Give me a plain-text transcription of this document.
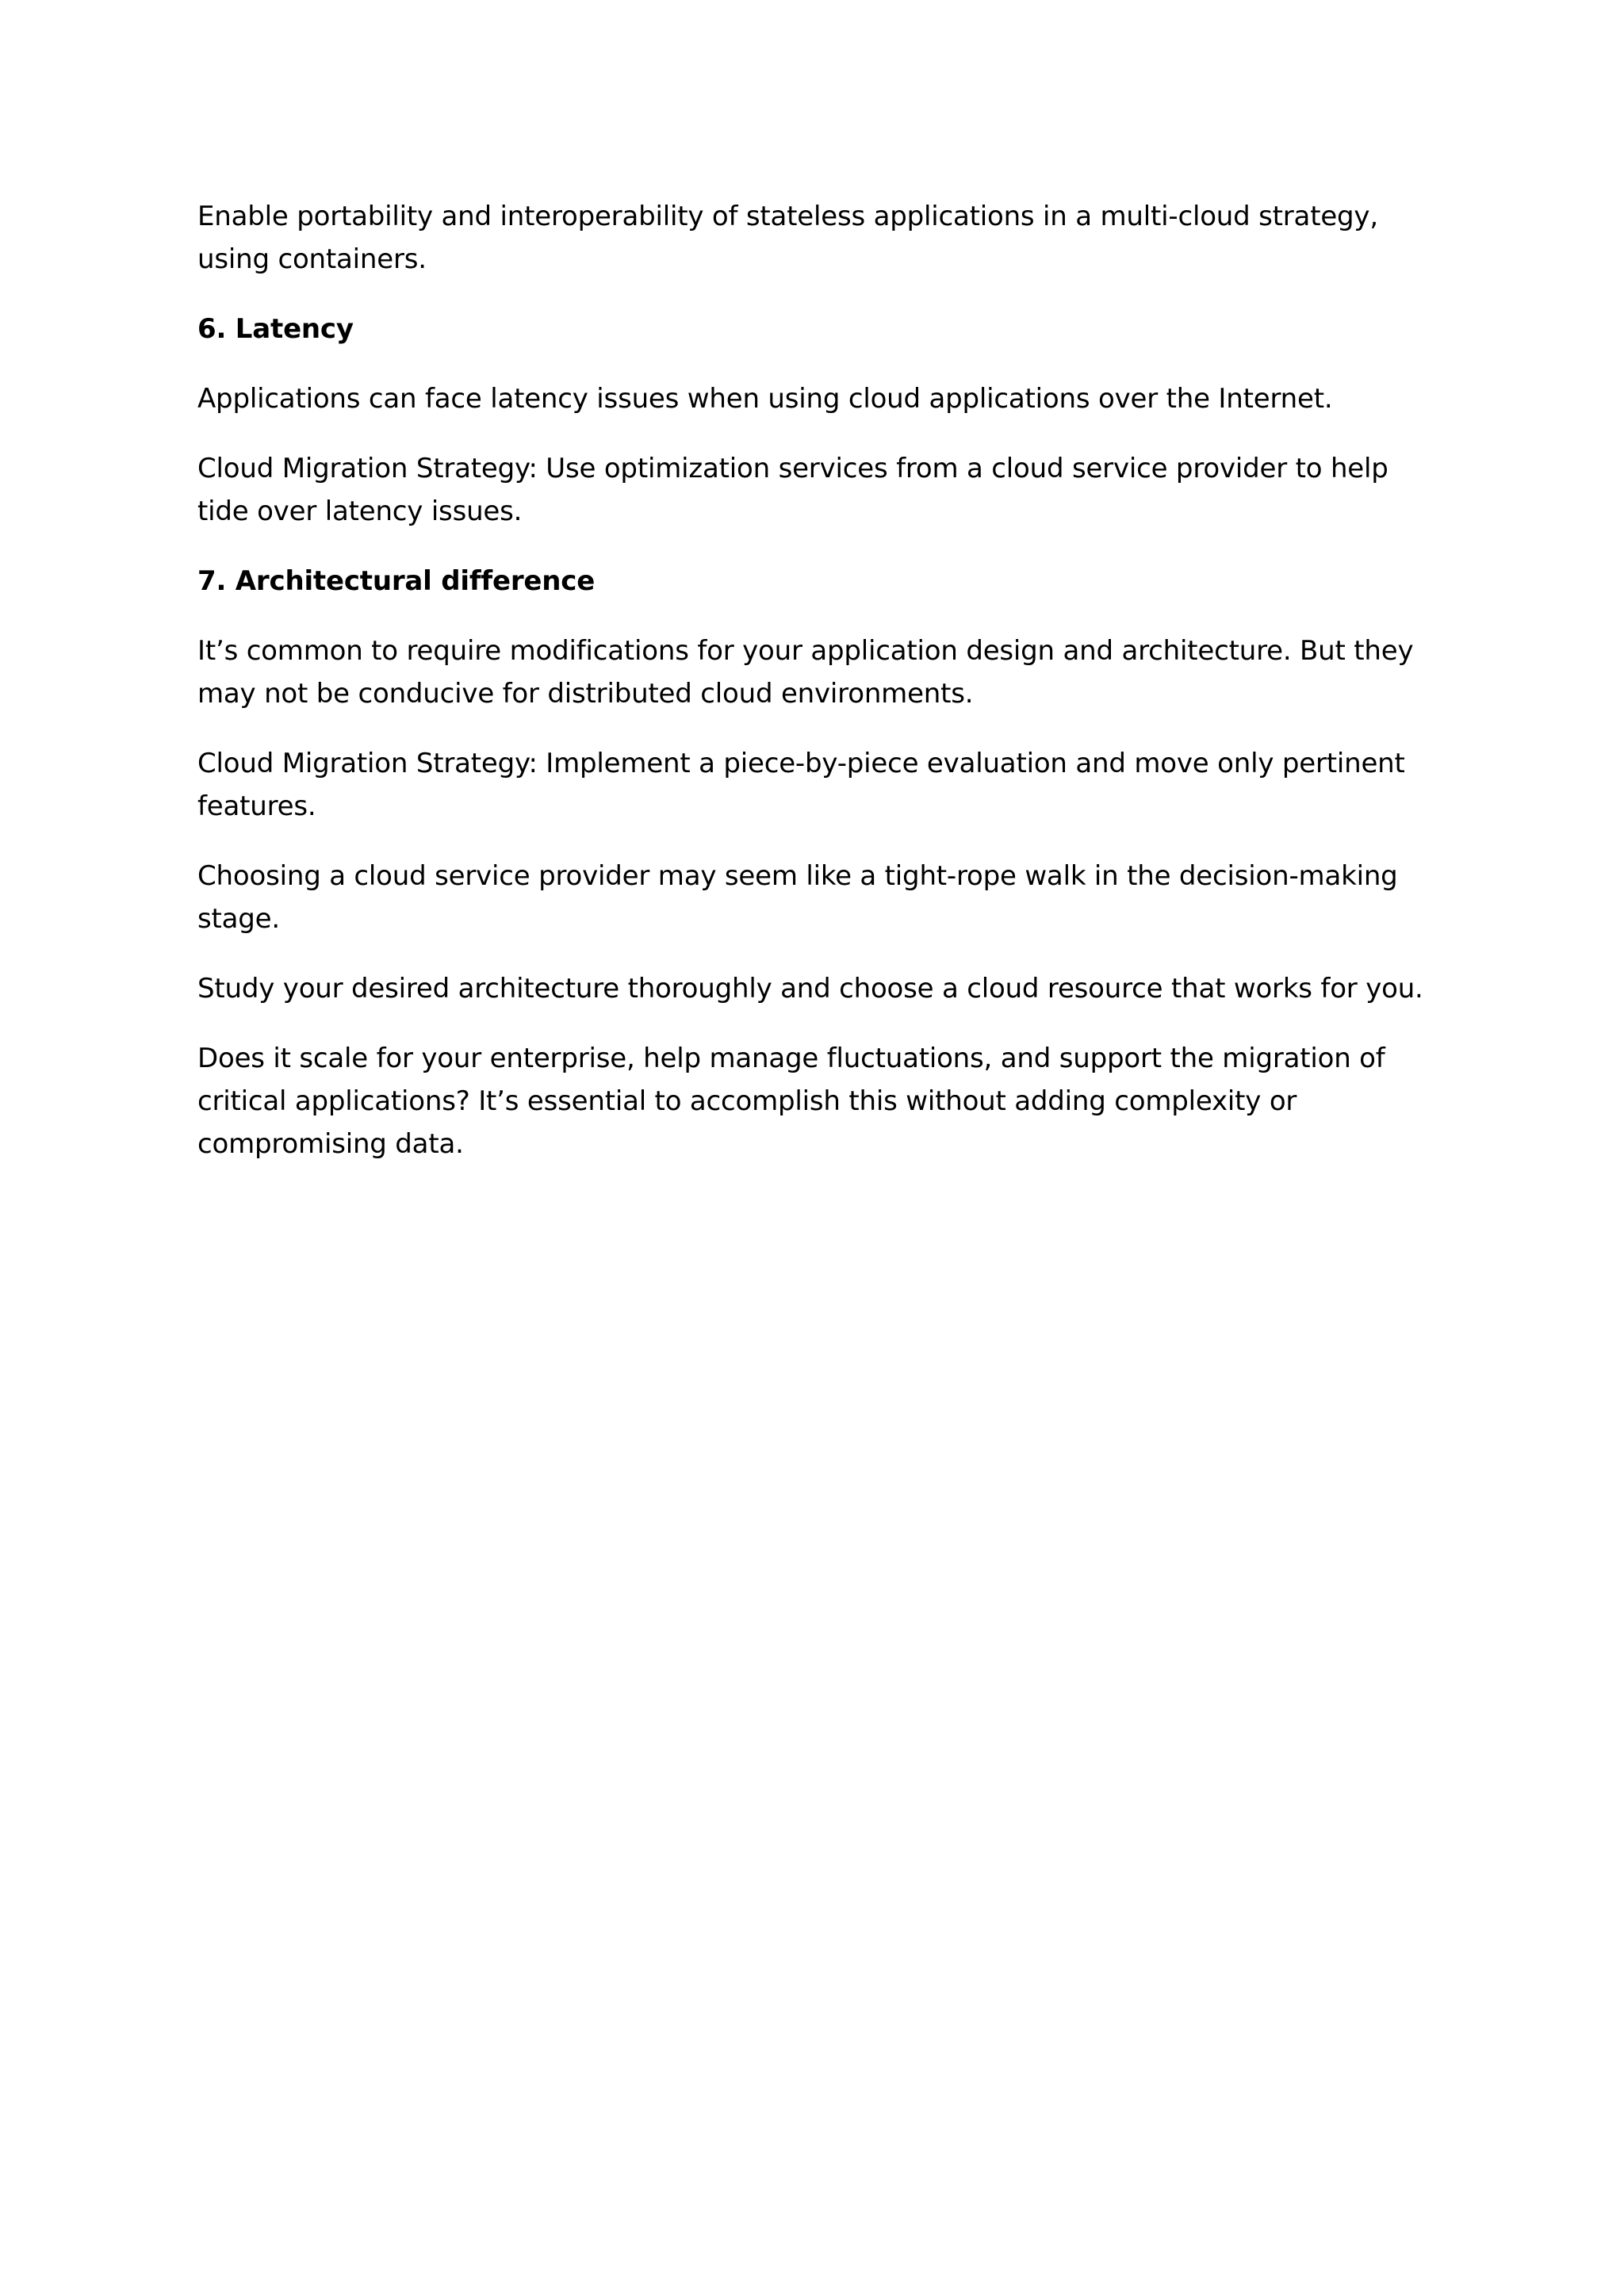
Enable portability and interoperability of stateless applications in a multi-cloud strategy, using containers.

6. Latency

Applications can face latency issues when using cloud applications over the Internet.

Cloud Migration Strategy: Use optimization services from a cloud service provider to help tide over latency issues.

7. Architectural difference

It’s common to require modifications for your application design and architecture. But they may not be conducive for distributed cloud environments.

Cloud Migration Strategy: Implement a piece-by-piece evaluation and move only pertinent features.

Choosing a cloud service provider may seem like a tight-rope walk in the decision-making stage.

Study your desired architecture thoroughly and choose a cloud resource that works for you.

Does it scale for your enterprise, help manage fluctuations, and support the migration of critical applications? It’s essential to accomplish this without adding complexity or compromising data.
